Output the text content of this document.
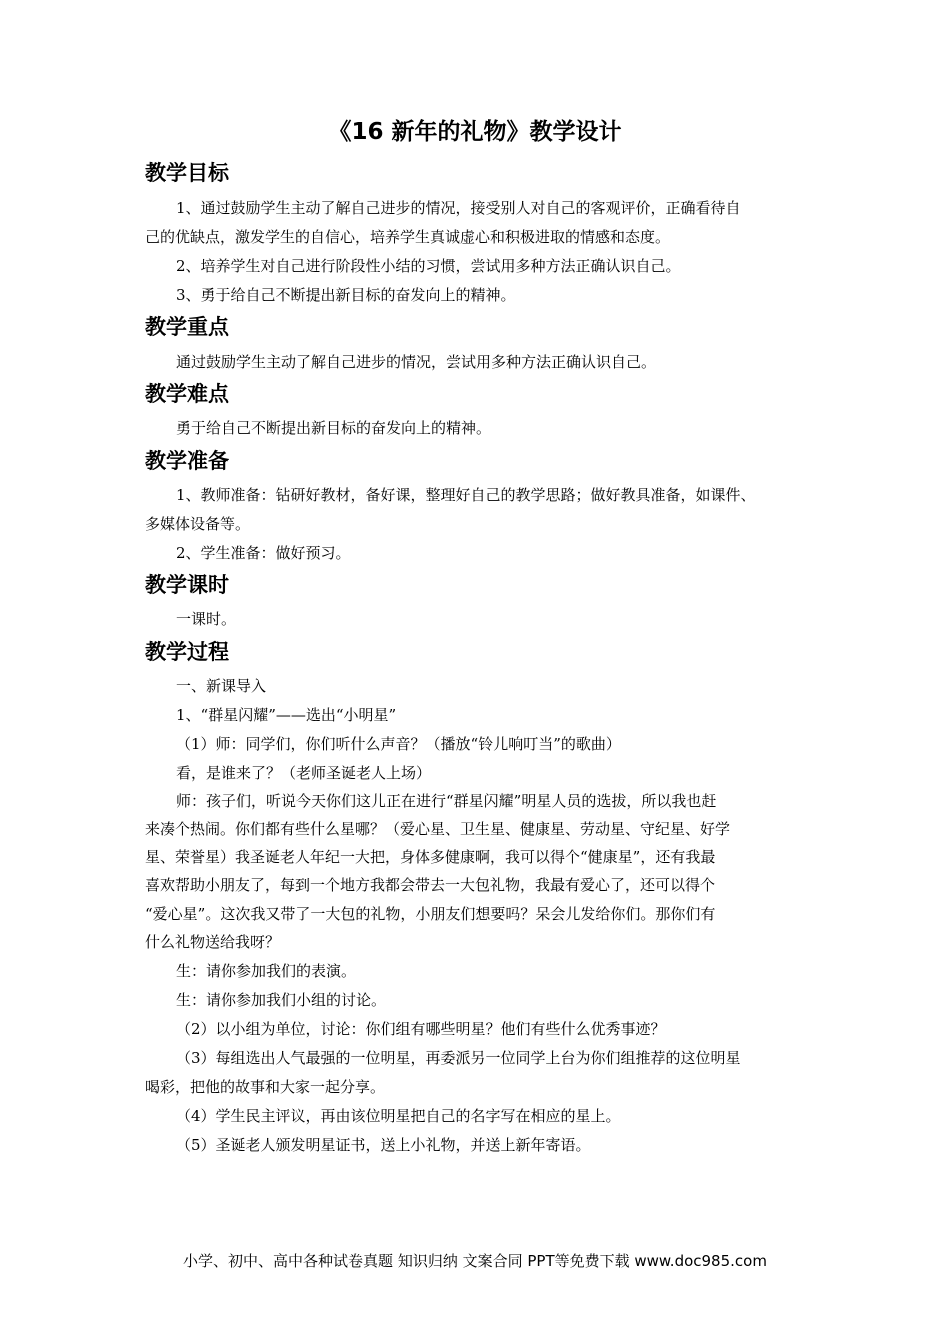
《16 新年的礼物》教学设计
教学目标
1、通过鼓励学生主动了解自己进步的情况，接受别人对自己的客观评价，正确看待自
己的优缺点，激发学生的自信心，培养学生真诚虚心和积极进取的情感和态度。
2、培养学生对自己进行阶段性小结的习惯，尝试用多种方法正确认识自己。
3、勇于给自己不断提出新目标的奋发向上的精神。
教学重点
通过鼓励学生主动了解自己进步的情况，尝试用多种方法正确认识自己。
教学难点
勇于给自己不断提出新目标的奋发向上的精神。
教学准备
1、教师准备：钻研好教材，备好课，整理好自己的教学思路；做好教具准备，如课件、
多媒体设备等。
2、学生准备：做好预习。
教学课时
一课时。
教学过程
一、新课导入
1、“群星闪耀”——选出“小明星”
（1）师：同学们，你们听什么声音？（播放“铃儿响叮当”的歌曲）
看，是谁来了？（老师圣诞老人上场）
师：孩子们，听说今天你们这儿正在进行“群星闪耀”明星人员的选拔，所以我也赶
来凑个热闹。你们都有些什么星哪？（爱心星、卫生星、健康星、劳动星、守纪星、好学
星、荣誉星）我圣诞老人年纪一大把，身体多健康啊，我可以得个“健康星”，还有我最
喜欢帮助小朋友了，每到一个地方我都会带去一大包礼物，我最有爱心了，还可以得个
“爱心星”。这次我又带了一大包的礼物，小朋友们想要吗？呆会儿发给你们。那你们有
什么礼物送给我呀？
生：请你参加我们的表演。
生：请你参加我们小组的讨论。
（2）以小组为单位，讨论：你们组有哪些明星？他们有些什么优秀事迹？
（3）每组选出人气最强的一位明星，再委派另一位同学上台为你们组推荐的这位明星
喝彩，把他的故事和大家一起分享。
（4）学生民主评议，再由该位明星把自己的名字写在相应的星上。
（5）圣诞老人颁发明星证书，送上小礼物，并送上新年寄语。
小学、初中、高中各种试卷真题 知识归纳 文案合同 PPT等免费下载 www.doc985.com
